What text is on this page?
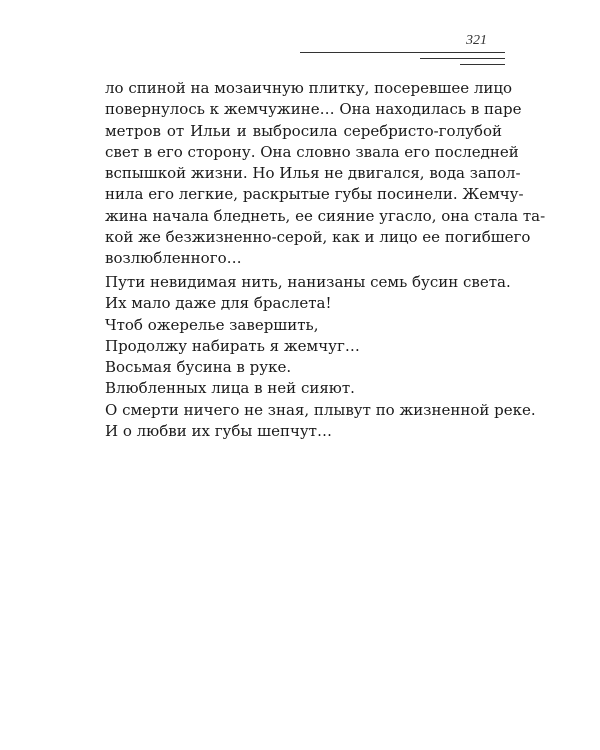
321
ло спиной на мозаичную плитку, посеревшее лицо
повернулось к жемчужине… Она находилась в паре
метров от Ильи и выбросила серебристо-голубой
свет в его сторону. Она словно звала его последней
вспышкой жизни. Но Илья не двигался, вода запол-
нила его легкие, раскрытые губы посинели. Жемчу-
жина начала бледнеть, ее сияние угасло, она стала та-
кой же безжизненно-серой, как и лицо ее погибшего
возлюбленного…
Пути невидимая нить, нанизаны семь бусин света.
Их мало даже для браслета!
Чтоб ожерелье завершить,
Продолжу набирать я жемчуг…
Восьмая бусина в руке.
Влюбленных лица в ней сияют.
О смерти ничего не зная, плывут по жизненной реке.
И о любви их губы шепчут…
